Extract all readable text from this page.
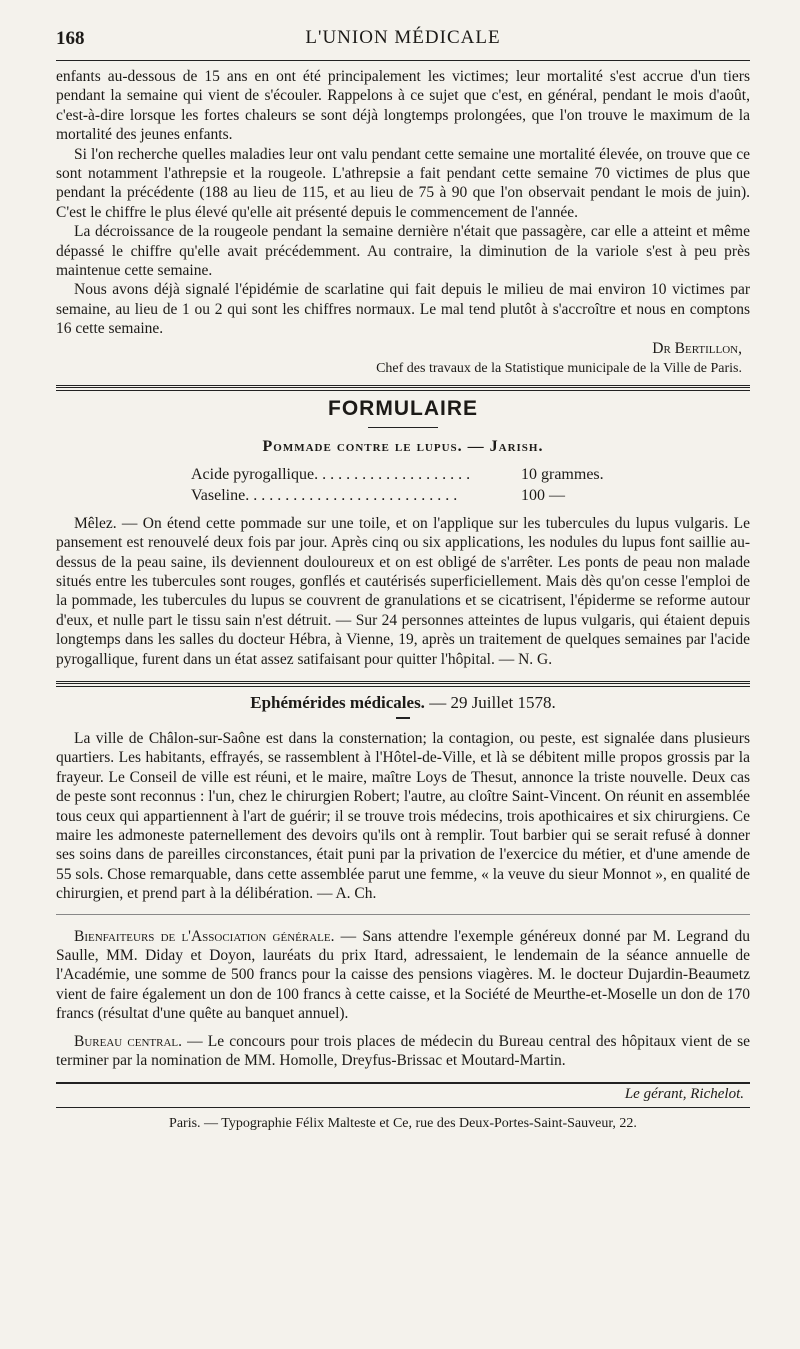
168	L'UNION MÉDICALE

enfants au-dessous de 15 ans en ont été principalement les victimes; leur mortalité s'est accrue d'un tiers pendant la semaine qui vient de s'écouler. Rappelons à ce sujet que c'est, en général, pendant le mois d'août, c'est-à-dire lorsque les fortes chaleurs se sont déjà longtemps prolongées, que l'on trouve le maximum de la mortalité des jeunes enfants.

Si l'on recherche quelles maladies leur ont valu pendant cette semaine une mortalité élevée, on trouve que ce sont notamment l'athrepsie et la rougeole. L'athrepsie a fait pendant cette semaine 70 victimes de plus que pendant la précédente (188 au lieu de 115, et au lieu de 75 à 90 que l'on observait pendant le mois de juin). C'est le chiffre le plus élevé qu'elle ait présenté depuis le commencement de l'année.

La décroissance de la rougeole pendant la semaine dernière n'était que passagère, car elle a atteint et même dépassé le chiffre qu'elle avait précédemment. Au contraire, la diminution de la variole s'est à peu près maintenue cette semaine.

Nous avons déjà signalé l'épidémie de scarlatine qui fait depuis le milieu de mai environ 10 victimes par semaine, au lieu de 1 ou 2 qui sont les chiffres normaux. Le mal tend plutôt à s'accroître et nous en comptons 16 cette semaine.

Dr Bertillon,
Chef des travaux de la Statistique municipale de la Ville de Paris.
FORMULAIRE
Pommade contre le lupus. — Jarish.
Acide pyrogallique. . . . . . . . . . . . . . . . . . . .	10 grammes.
Vaseline. . . . . . . . . . . . . . . . . . . . . . . . . . .	100 —

Mêlez. — On étend cette pommade sur une toile, et on l'applique sur les tubercules du lupus vulgaris. Le pansement est renouvelé deux fois par jour. Après cinq ou six applications, les nodules du lupus font saillie au-dessus de la peau saine, ils deviennent douloureux et on est obligé de s'arrêter. Les ponts de peau non malade situés entre les tubercules sont rouges, gonflés et cautérisés superficiellement. Mais dès qu'on cesse l'emploi de la pommade, les tubercules du lupus se couvrent de granulations et se cicatrisent, l'épiderme se reforme autour d'eux, et nulle part le tissu sain n'est détruit. — Sur 24 personnes atteintes de lupus vulgaris, qui étaient depuis longtemps dans les salles du docteur Hébra, à Vienne, 19, après un traitement de quelques semaines par l'acide pyrogallique, furent dans un état assez satifaisant pour quitter l'hôpital. — N. G.

Ephémérides médicales. — 29 Juillet 1578.

La ville de Châlon-sur-Saône est dans la consternation; la contagion, ou peste, est signalée dans plusieurs quartiers. Les habitants, effrayés, se rassemblent à l'Hôtel-de-Ville, et là se débitent mille propos grossis par la frayeur. Le Conseil de ville est réuni, et le maire, maître Loys de Thesut, annonce la triste nouvelle. Deux cas de peste sont reconnus : l'un, chez le chirurgien Robert; l'autre, au cloître Saint-Vincent. On réunit en assemblée tous ceux qui appartiennent à l'art de guérir; il se trouve trois médecins, trois apothicaires et six chirurgiens. Ce maire les admoneste paternellement des devoirs qu'ils ont à remplir. Tout barbier qui se serait refusé à donner ses soins dans de pareilles circonstances, était puni par la privation de l'exercice du métier, et d'une amende de 55 sols. Chose remarquable, dans cette assemblée parut une femme, « la veuve du sieur Monnot », en qualité de chirurgien, et prend part à la délibération. — A. Ch.

Bienfaiteurs de l'Association générale. — Sans attendre l'exemple généreux donné par M. Legrand du Saulle, MM. Diday et Doyon, lauréats du prix Itard, adressaient, le lendemain de la séance annuelle de l'Académie, une somme de 500 francs pour la caisse des pensions viagères. M. le docteur Dujardin-Beaumetz vient de faire également un don de 100 francs à cette caisse, et la Société de Meurthe-et-Moselle un don de 170 francs (résultat d'une quête au banquet annuel).

Bureau central. — Le concours pour trois places de médecin du Bureau central des hôpitaux vient de se terminer par la nomination de MM. Homolle, Dreyfus-Brissac et Moutard-Martin.

Le gérant, Richelot.
Paris. — Typographie Félix Malteste et Ce, rue des Deux-Portes-Saint-Sauveur, 22.
